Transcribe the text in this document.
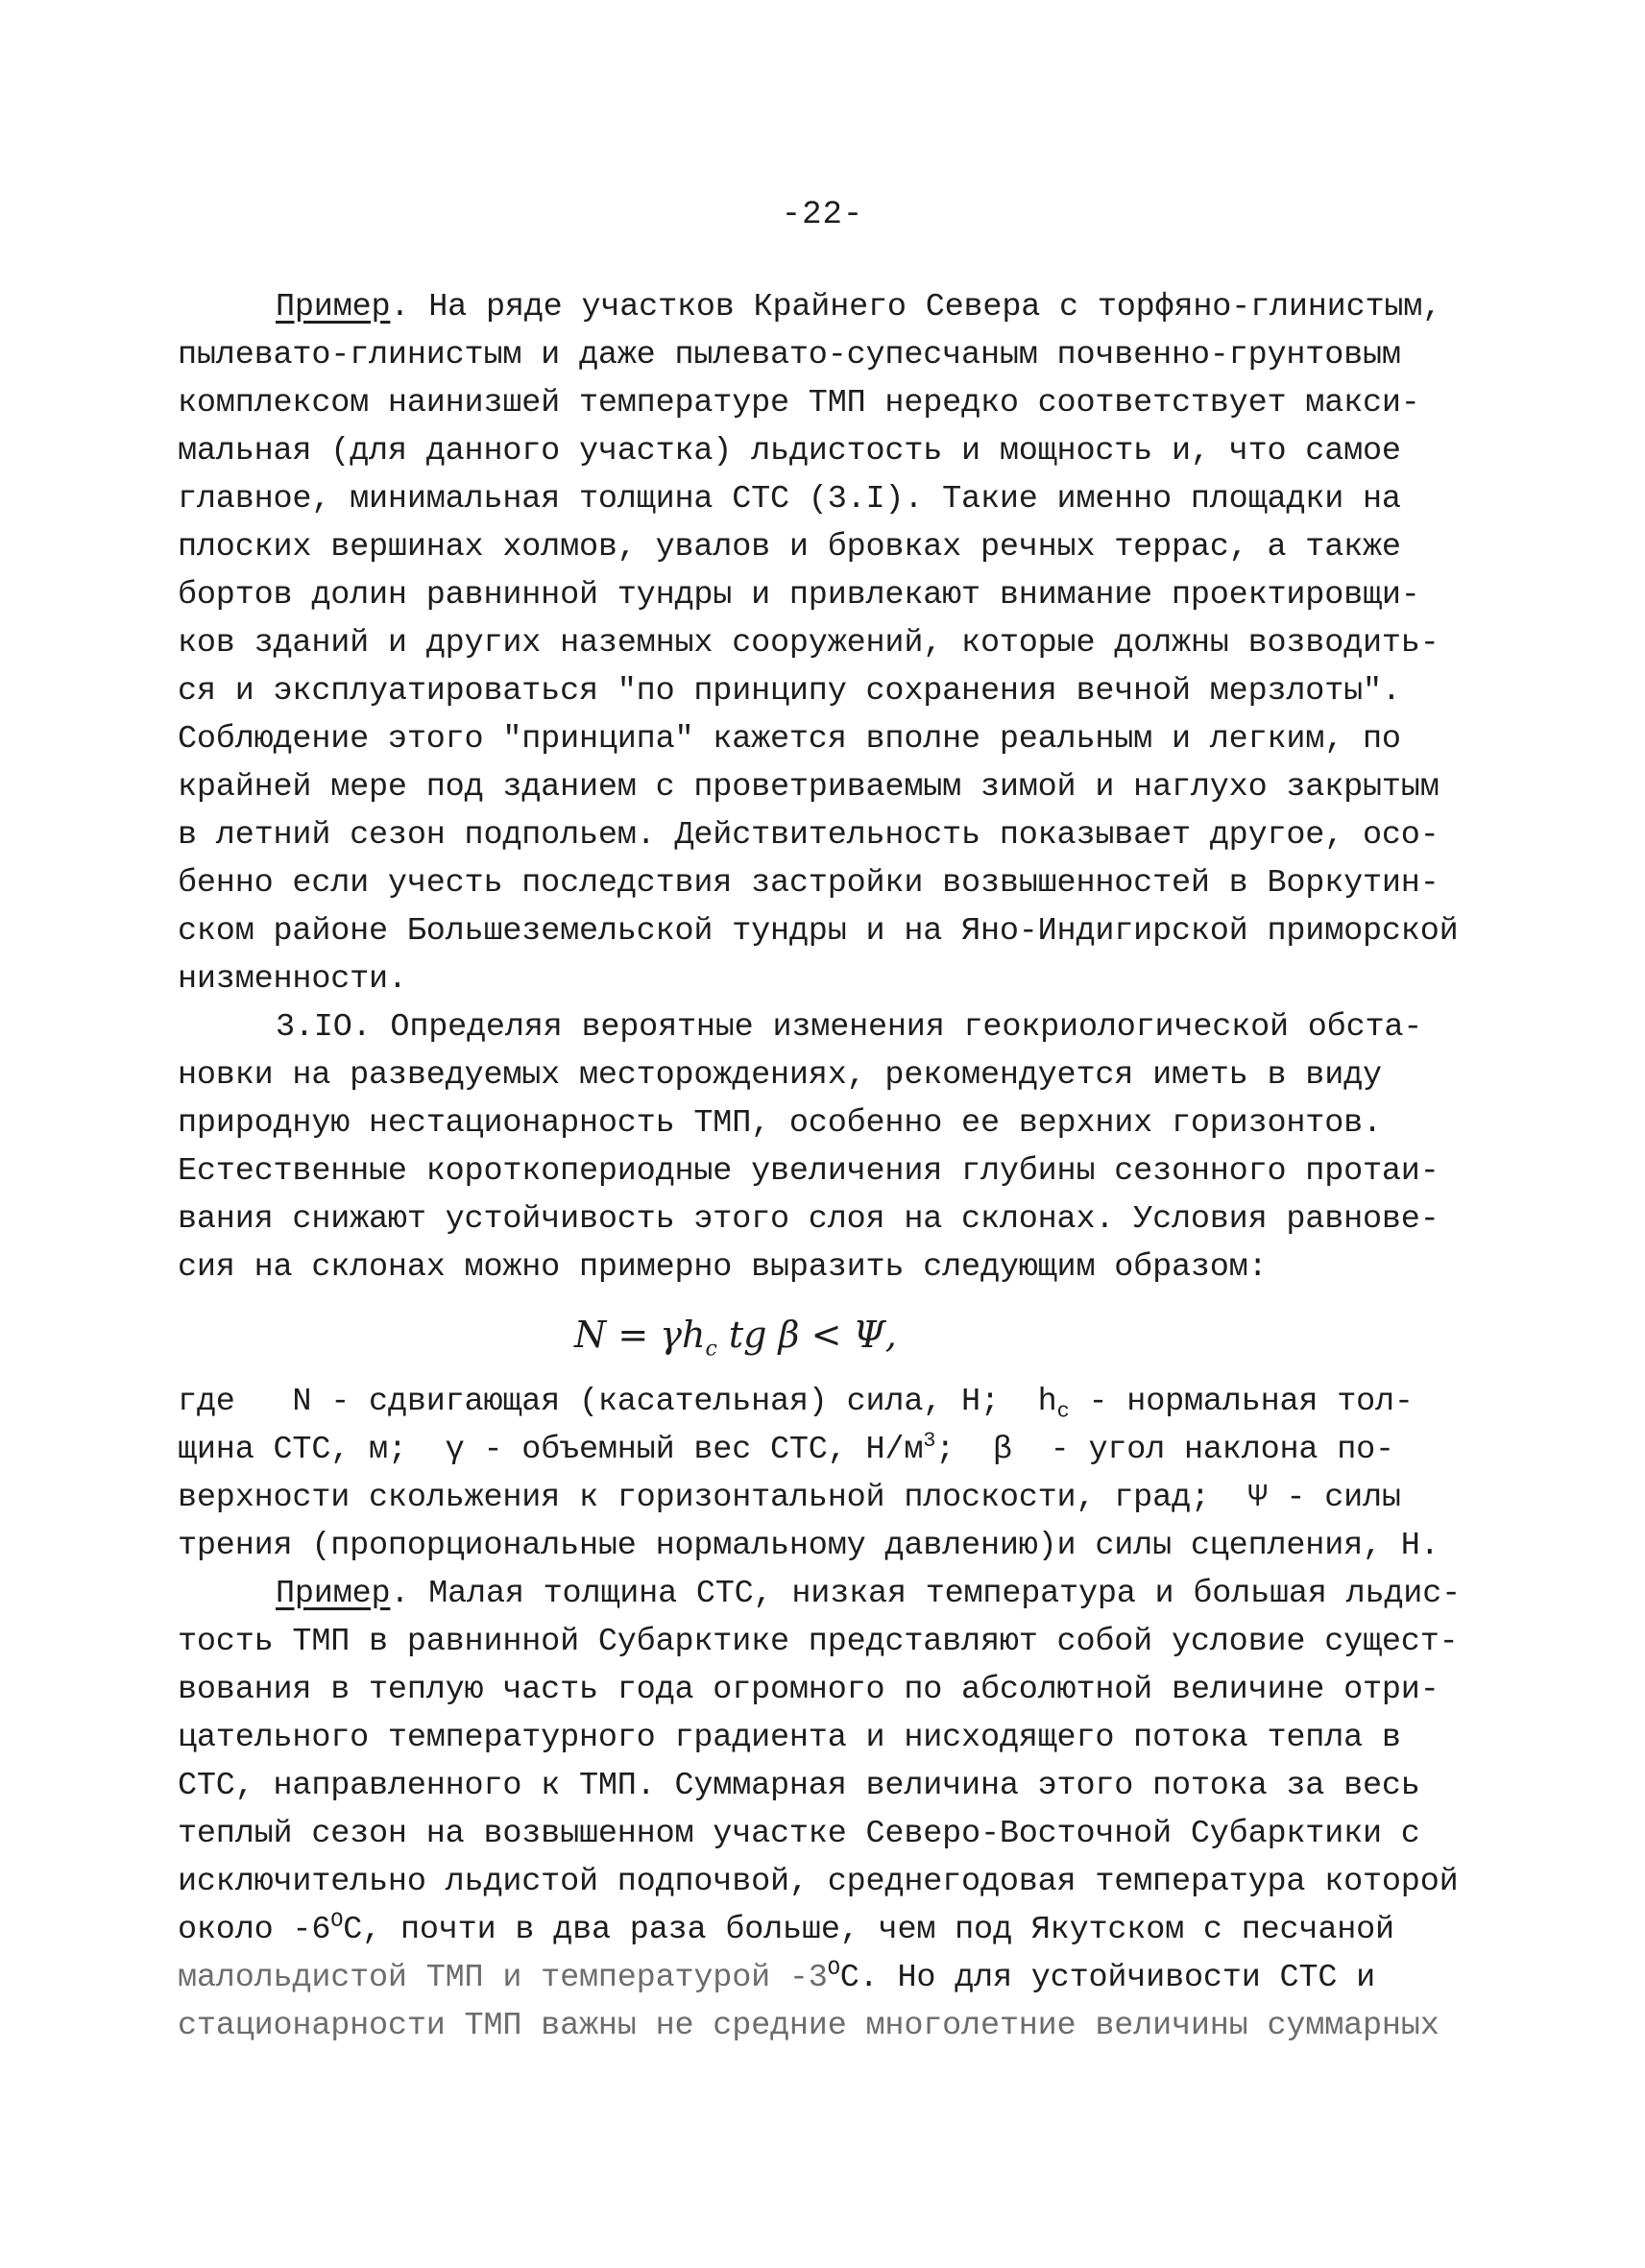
-22-
Пример. На ряде участков Крайнего Севера с торфяно-глинистым,
пылевато-глинистым и даже пылевато-супесчаным почвенно-грунтовым
комплексом наинизшей температуре ТМП нередко соответствует макси-
мальная (для данного участка) льдистость и мощность и, что самое
главное, минимальная толщина СТС (3.I). Такие именно площадки на
плоских вершинах холмов, увалов и бровках речных террас, а также
бортов долин равнинной тундры и привлекают внимание проектировщи-
ков зданий и других наземных сооружений, которые должны возводить-
ся и эксплуатироваться "по принципу сохранения вечной мерзлоты".
Соблюдение этого "принципа" кажется вполне реальным и легким, по
крайней мере под зданием с проветриваемым зимой и наглухо закрытым
в летний сезон подпольем. Действительность показывает другое, осо-
бенно если учесть последствия застройки возвышенностей в Воркутин-
ском районе Большеземельской тундры и на Яно-Индигирской приморской
низменности.
3.IO. Определяя вероятные изменения геокриологической обста-
новки на разведуемых месторождениях, рекомендуется иметь в виду
природную нестационарность ТМП, особенно ее верхних горизонтов.
Естественные короткопериодные увеличения глубины сезонного протаи-
вания снижают устойчивость этого слоя на склонах. Условия равнове-
сия на склонах можно примерно выразить следующим образом:
$N = \gamma h_c$ tg β < Ψ,
где   N - сдвигающая (касательная) сила, Н;  $h_c$ - нормальная тол-
щина СТС, м;  γ - объемный вес СТС, $Н/м^3$;  β  - угол наклона по-
верхности скольжения к горизонтальной плоскости, град;  Ψ - силы
трения (пропорциональные нормальному давлению)и силы сцепления, Н.
Пример. Малая толщина СТС, низкая температура и большая льдис-
тость ТМП в равнинной Субарктике представляют собой условие сущест-
вования в теплую часть года огромного по абсолютной величине отри-
цательного температурного градиента и нисходящего потока тепла в
СТС, направленного к ТМП. Суммарная величина этого потока за весь
теплый сезон на возвышенном участке Северо-Восточной Субарктики с
исключительно льдистой подпочвой, среднегодовая температура которой
около $-6^OС$, почти в два раза больше, чем под Якутском с песчаной
малольдистой ТМП и температурой $-3^OС$. Но для устойчивости СТС и
стационарности ТМП важны не средние многолетние величины суммарных
